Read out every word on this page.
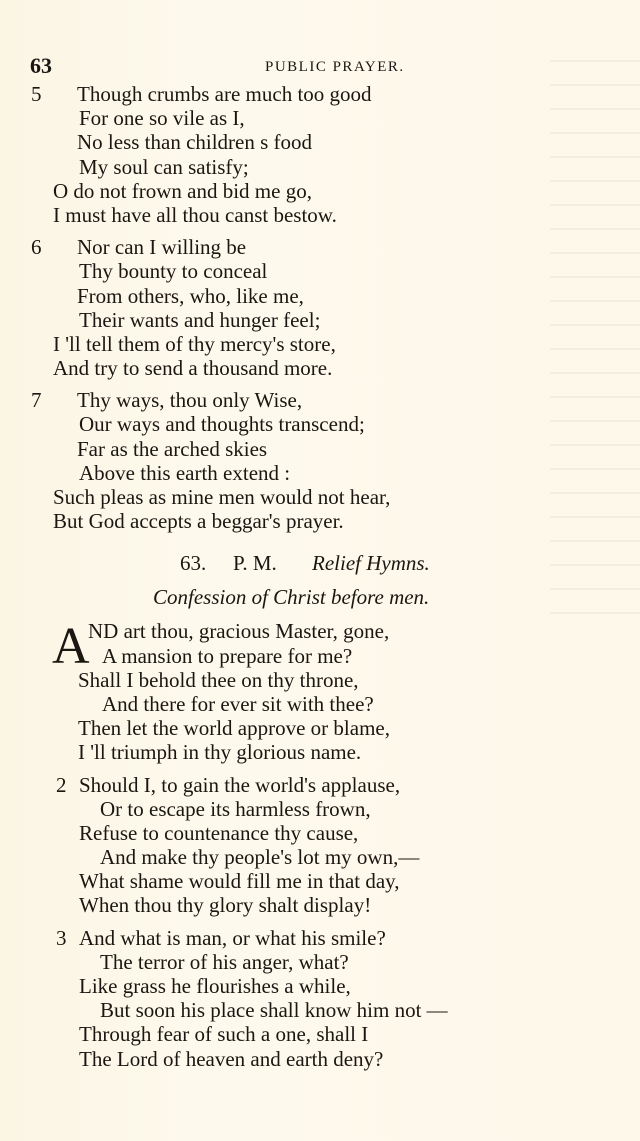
63	PUBLIC PRAYER.
5	Though crumbs are much too good
For one so vile as I,
No less than children s food
My soul can satisfy;
O do not frown and bid me go,
I must have all thou canst bestow.
6	Nor can I willing be
Thy bounty to conceal
From others, who, like me,
Their wants and hunger feel;
I 'll tell them of thy mercy's store,
And try to send a thousand more.
7	Thy ways, thou only Wise,
Our ways and thoughts transcend;
Far as the arched skies
Above this earth extend :
Such pleas as mine men would not hear,
But God accepts a beggar's prayer.
63. P. M. Relief Hymns.
Confession of Christ before men.
A
ND art thou, gracious Master, gone,
A mansion to prepare for me?
Shall I behold thee on thy throne,
And there for ever sit with thee?
Then let the world approve or blame,
I 'll triumph in thy glorious name.
2 Should I, to gain the world's applause,
Or to escape its harmless frown,
Refuse to countenance thy cause,
And make thy people's lot my own,—
What shame would fill me in that day,
When thou thy glory shalt display!
3 And what is man, or what his smile?
The terror of his anger, what?
Like grass he flourishes a while,
But soon his place shall know him not —
Through fear of such a one, shall I
The Lord of heaven and earth deny?
